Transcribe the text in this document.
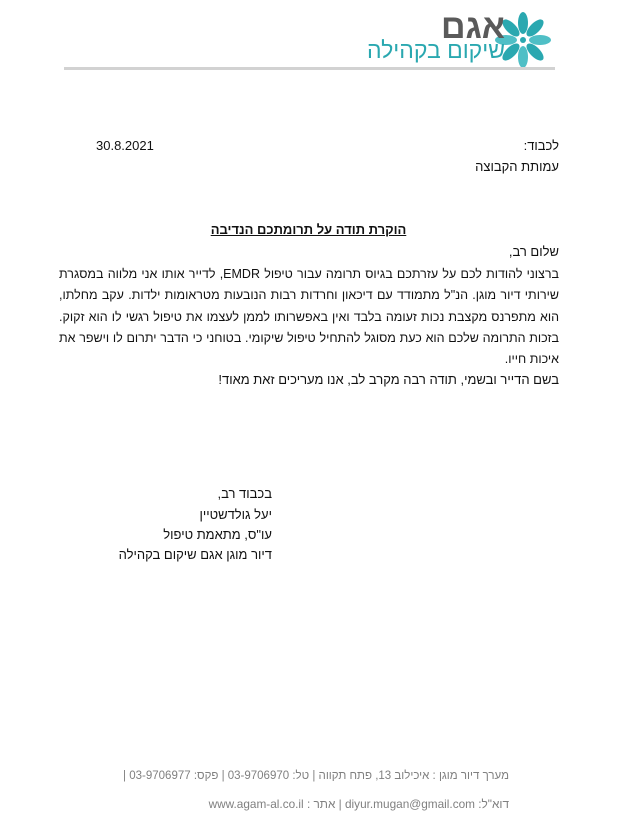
אגם
שיקום בקהילה
30.8.2021	לכבוד:
עמותת הקבוצה
הוקרת תודה על תרומתכם הנדיבה
שלום רב,
ברצוני להודות לכם על עזרתכם בגיוס תרומה עבור טיפול EMDR, לדייר אותו אני מלווה במסגרת שירותי דיור מוגן. הנ"ל מתמודד עם דיכאון וחרדות רבות הנובעות מטראומות ילדות. עקב מחלתו, הוא מתפרנס מקצבת נכות זעומה בלבד ואין באפשרותו לממן לעצמו את טיפול רגשי לו הוא זקוק. בזכות התרומה שלכם הוא כעת מסוגל להתחיל טיפול שיקומי. בטוחני כי הדבר יתרום לו וישפר את איכות חייו.
בשם הדייר ובשמי, תודה רבה מקרב לב, אנו מעריכים זאת מאוד!
בכבוד רב,
יעל גולדשטיין
עו"ס, מתאמת טיפול
דיור מוגן אגם שיקום בקהילה
מערך דיור מוגן : איכילוב 13, פתח תקווה | טל: 03-9706970 | פקס: 03-9706977 |
דוא"ל: diyur.mugan@gmail.com | אתר : www.agam-al.co.il
